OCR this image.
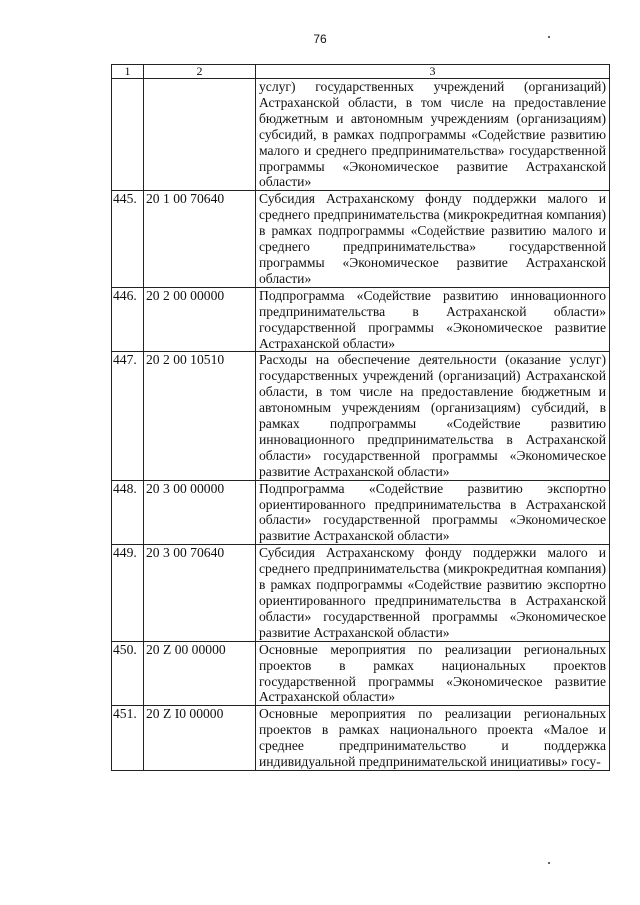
76
1	2	3
		услуг) государственных учреждений (организаций) Астраханской области, в том числе на предоставление бюджетным и автономным учреждениям (организациям) субсидий, в рамках подпрограммы «Содействие развитию малого и среднего предпринимательства» государственной программы «Экономическое развитие Астраханской области»
445.	20 1 00 70640	Субсидия Астраханскому фонду поддержки малого и среднего предпринимательства (микрокредитная компания) в рамках подпрограммы «Содействие развитию малого и среднего предпринимательства» государственной программы «Экономическое развитие Астраханской области»
446.	20 2 00 00000	Подпрограмма «Содействие развитию инновационного предпринимательства в Астраханской области» государственной программы «Экономическое развитие Астраханской области»
447.	20 2 00 10510	Расходы на обеспечение деятельности (оказание услуг) государственных учреждений (организаций) Астраханской области, в том числе на предоставление бюджетным и автономным учреждениям (организациям) субсидий, в рамках подпрограммы «Содействие развитию инновационного предпринимательства в Астраханской области» государственной программы «Экономическое развитие Астраханской области»
448.	20 3 00 00000	Подпрограмма «Содействие развитию экспортно ориентированного предпринимательства в Астраханской области» государственной программы «Экономическое развитие Астраханской области»
449.	20 3 00 70640	Субсидия Астраханскому фонду поддержки малого и среднего предпринимательства (микрокредитная компания) в рамках подпрограммы «Содействие развитию экспортно ориентированного предпринимательства в Астраханской области» государственной программы «Экономическое развитие Астраханской области»
450.	20 Z 00 00000	Основные мероприятия по реализации региональных проектов в рамках национальных проектов государственной программы «Экономическое развитие Астраханской области»
451.	20 Z I0 00000	Основные мероприятия по реализации региональных проектов в рамках национального проекта «Малое и среднее предпринимательство и поддержка индивидуальной предпринимательской инициативы» госу-
